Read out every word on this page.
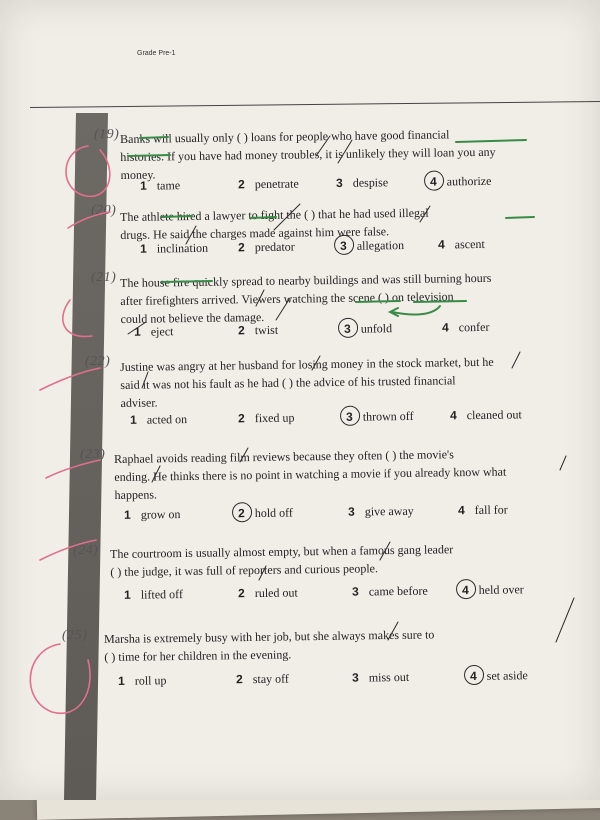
Grade Pre-1
(19) Banks will usually only ( ) loans for people who have good financial
histories. If you have had money troubles, it is unlikely they will loan you any
money.
1 tame	2 penetrate	3 despise	4 authorize
(20) The athlete hired a lawyer to fight the ( ) that he had used illegal
drugs. He said the charges made against him were false.
1 inclination 2 predator	3 allegation	4 ascent
(21) The house fire quickly spread to nearby buildings and was still burning hours
after firefighters arrived. Viewers watching the scene ( ) on television
could not believe the damage.
1 eject	2 twist	3 unfold	4 confer
(22) Justine was angry at her husband for losing money in the stock market, but he
said it was not his fault as he had ( ) the advice of his trusted financial
adviser.
1 acted on	2 fixed up	3 thrown off	4 cleaned out
(23) Raphael avoids reading film reviews because they often ( ) the movie's
ending. He thinks there is no point in watching a movie if you already know what
happens.
1 grow on	2 hold off	3 give away	4 fall for
(24) The courtroom is usually almost empty, but when a famous gang leader
( ) the judge, it was full of reporters and curious people.
1 lifted off	2 ruled out	3 came before	4 held over
(25) Marsha is extremely busy with her job, but she always makes sure to
( ) time for her children in the evening.
1 roll up	2 stay off	3 miss out	4 set aside
